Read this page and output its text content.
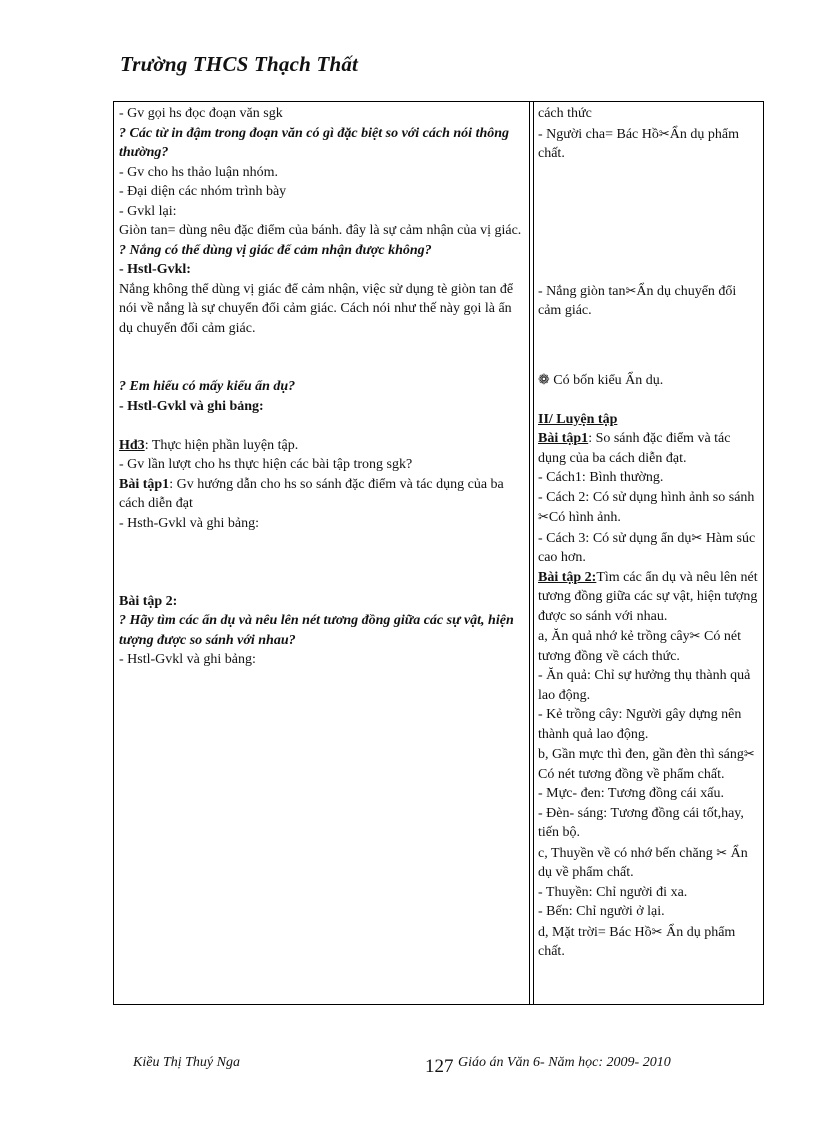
Trường THCS Thạch Thất
- Gv gọi hs đọc đoạn văn sgk
? Các từ in đậm trong đoạn văn có gì đặc biệt so với cách nói thông thường?
- Gv cho hs thảo luận nhóm.
- Đại diện các nhóm trình bày
- Gvkl lại:
Giòn tan= dùng nêu đặc điểm của bánh. đây là sự cảm nhận của vị giác.
? Nắng có thể dùng vị giác để cảm nhận được không?
- Hstl-Gvkl:
Nắng không thể dùng vị giác để cảm nhận, việc sử dụng tè giòn tan để nói về nắng là sự chuyển đổi cảm giác. Cách nói như thế này gọi là ẩn dụ chuyển đổi cảm giác.
? Em hiểu có mấy kiểu ẩn dụ?
- Hstl-Gvkl và ghi bảng:
Hđ3: Thực hiện phần luyện tập.
- Gv lần lượt cho hs thực hiện các bài tập trong sgk?
Bài tập1: Gv hướng dẫn cho hs so sánh đặc điểm và tác dụng của ba cách diễn đạt
- Hsth-Gvkl và ghi bảng:
Bài tập 2:
? Hãy tìm các ẩn dụ và nêu lên nét tương đồng giữa các sự vật, hiện tượng được so sánh với nhau?
- Hstl-Gvkl và ghi bảng:
cách thức
- Người cha= Bác Hồ✂Ẩn dụ phẩm chất.
- Nắng giòn tan✂Ẩn dụ chuyển đổi cảm giác.
❁ Có bốn kiểu Ẩn dụ.
II/ Luyện tập
Bài tập1: So sánh đặc điểm và tác dụng của ba cách diễn đạt.
- Cách1: Bình thường.
- Cách 2: Có sử dụng hình ảnh so sánh✂Có hình ảnh.
- Cách 3: Có sử dụng ẩn dụ✂ Hàm súc cao hơn.
Bài tập 2:Tìm các ẩn dụ và nêu lên nét tương đồng giữa các sự vật, hiện tượng được so sánh với nhau.
a, Ăn quả nhớ kẻ trồng cây✂ Có nét tương đồng về cách thức.
- Ăn quả: Chỉ sự hưởng thụ thành quả lao động.
- Kẻ trồng cây: Người gây dựng nên thành quả lao động.
b, Gần mực thì đen, gần đèn thì sáng✂ Có nét tương đồng về phẩm chất.
- Mực- đen: Tương đồng cái xấu.
- Đèn- sáng: Tương đồng cái tốt,hay, tiến bộ.
c, Thuyền về có nhớ bến chăng ✂ Ẩn dụ về phẩm chất.
- Thuyền: Chỉ người đi xa.
- Bến: Chỉ người ở lại.
d, Mặt trời= Bác Hồ✂ Ẩn dụ phẩm chất.
Kiều Thị Thuý Nga	127 Giáo án Văn 6- Năm học: 2009- 2010
